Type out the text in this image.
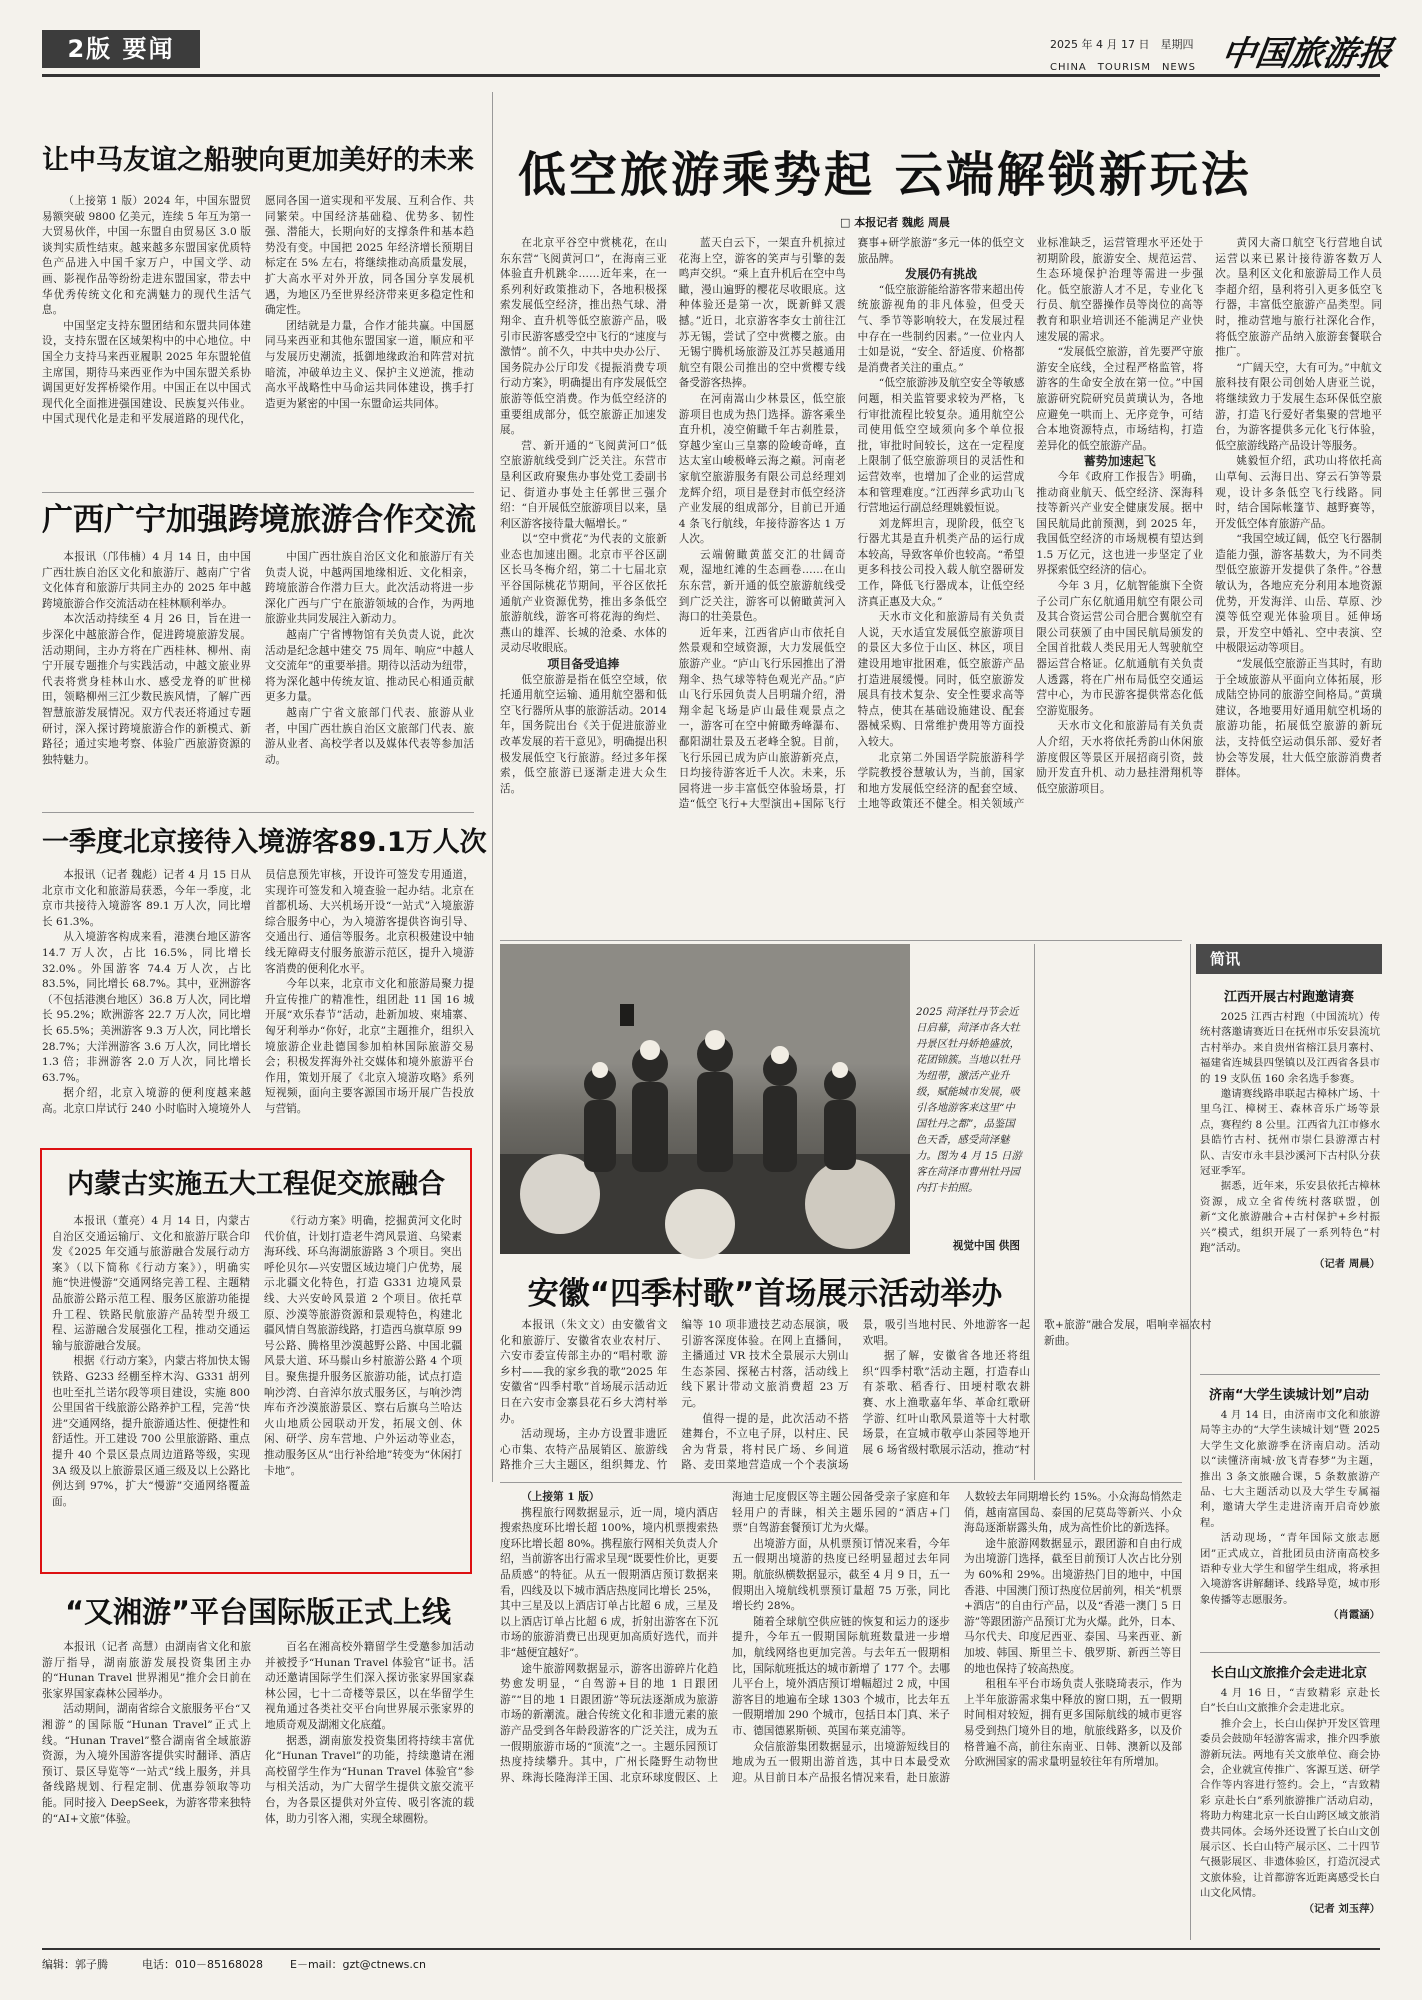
2版 要闻	2025 年 4 月 17 日　星期四
CHINA　TOURISM　NEWS 中国旅游报
让中马友谊之船驶向更加美好的未来

（上接第 1 版）2024 年，中国东盟贸易额突破 9800 亿美元，连续 5 年互为第一大贸易伙伴，中国一东盟自由贸易区 3.0 版谈判实质性结束。越来越多东盟国家优质特色产品进入中国千家万户，中国文学、动画、影视作品等纷纷走进东盟国家，带去中华优秀传统文化和充满魅力的现代生活气息。

中国坚定支持东盟团结和东盟共同体建设，支持东盟在区域架构中的中心地位。中国全力支持马来西亚履职 2025 年东盟轮值主席国，期待马来西亚作为中国东盟关系协调国更好发挥桥梁作用。中国正在以中国式现代化全面推进强国建设、民族复兴伟业。中国式现代化是走和平发展道路的现代化，愿同各国一道实现和平发展、互利合作、共同繁荣。中国经济基础稳、优势多、韧性强、潜能大，长期向好的支撑条件和基本趋势没有变。中国把 2025 年经济增长预期目标定在 5% 左右，将继续推动高质量发展，扩大高水平对外开放，同各国分享发展机遇，为地区乃至世界经济带来更多稳定性和确定性。

团结就是力量，合作才能共赢。中国愿同马来西亚和其他东盟国家一道，顺应和平与发展历史潮流，抵御地缘政治和阵营对抗暗流，冲破单边主义、保护主义逆流，推动高水平战略性中马命运共同体建设，携手打造更为紧密的中国一东盟命运共同体。

低空旅游乘势起 云端解锁新玩法
□ 本报记者 魏彪 周晨

在北京平谷空中赏桃花，在山东东营“飞阅黄河口”，在海南三亚体验直升机跳伞……近年来，在一系列利好政策推动下，各地积极探索发展低空经济，推出热气球、滑翔伞、直升机等低空旅游产品，吸引市民游客感受空中飞行的“速度与激情”。前不久，中共中央办公厅、国务院办公厅印发《提振消费专项行动方案》，明确提出有序发展低空旅游等低空消费。作为低空经济的重要组成部分，低空旅游正加速发展。

营、新开通的“飞阅黄河口”低空旅游航线受到广泛关注。东营市垦利区政府聚焦办事处党工委副书记、街道办事处主任郭世三强介绍：“自开展低空旅游项目以来，垦利区游客接待量大幅增长。”

以“空中赏花”为代表的文旅新业态也加速出圈。北京市平谷区副区长马冬梅介绍，第二十七届北京平谷国际桃花节期间，平谷区依托通航产业资源优势，推出多条低空旅游航线，游客可将花海的绚烂、燕山的雄浑、长城的沧桑、水体的灵动尽收眼底。

项目备受追捧

低空旅游是指在低空空域，依托通用航空运输、通用航空器和低空飞行器所从事的旅游活动。2014 年，国务院出台《关于促进旅游业改革发展的若干意见》，明确提出积极发展低空飞行旅游。经过多年探索，低空旅游已逐渐走进大众生活。

蓝天白云下，一架直升机掠过花海上空，游客的笑声与引擎的轰鸣声交织。“乘上直升机后在空中鸟瞰，漫山遍野的樱花尽收眼底。这种体验还是第一次，既新鲜又震撼。”近日，北京游客李女士前往江苏无锡，尝试了空中赏樱之旅。由无锡宁腾机场旅游及江苏吴越通用航空有限公司推出的空中赏樱专线备受游客热捧。

在河南嵩山少林景区，低空旅游项目也成为热门选择。游客乘坐直升机，凌空俯瞰千年古刹胜景，穿越少室山三皇寨的险峻奇峰，直达太室山峻极峰云海之巅。河南老家航空旅游服务有限公司总经理刘龙辉介绍，项目是登封市低空经济产业发展的组成部分，目前已开通 4 条飞行航线，年接待游客达 1 万人次。

云端俯瞰黄蓝交汇的壮阔奇观，湿地红滩的生态画卷……在山东东营，新开通的低空旅游航线受到广泛关注，游客可以俯瞰黄河入海口的壮美景色。

近年来，江西省庐山市依托自然景观和空域资源，大力发展低空旅游产业。“庐山飞行乐园推出了滑翔伞、热气球等特色观光产品。”庐山飞行乐园负责人吕明瑞介绍，滑翔伞起飞场是庐山最佳观景点之一，游客可在空中俯瞰秀峰瀑布、鄱阳湖壮景及五老峰全貌。目前，飞行乐园已成为庐山旅游新亮点，日均接待游客近千人次。未来，乐园将进一步丰富低空体验场景，打造“低空飞行+大型演出+国际飞行赛事+研学旅游”多元一体的低空文旅品牌。

发展仍有挑战

“低空旅游能给游客带来超出传统旅游视角的非凡体验，但受天气、季节等影响较大，在发展过程中存在一些制约因素。”一位业内人士如是说，“安全、舒适度、价格都是消费者关注的重点。”

“低空旅游涉及航空安全等敏感问题，相关监管要求较为严格，飞行审批流程比较复杂。通用航空公司使用低空空域须向多个单位报批，审批时间较长，这在一定程度上限制了低空旅游项目的灵活性和运营效率，也增加了企业的运营成本和管理难度。”江西萍乡武功山飞行营地运行副总经理姚毅恒说。

刘龙辉坦言，现阶段，低空飞行器尤其是直升机类产品的运行成本较高，导致客单价也较高。“希望更多科技公司投入载人航空器研发工作，降低飞行器成本，让低空经济真正惠及大众。”

天水市文化和旅游局有关负责人说，天水适宜发展低空旅游项目的景区大多位于山区、林区，项目建设用地审批困难，低空旅游产品打造进展缓慢。同时，低空旅游发展具有技术复杂、安全性要求高等特点，使其在基础设施建设、配套器械采购、日常维护费用等方面投入较大。

北京第二外国语学院旅游科学学院教授谷慧敏认为，当前，国家和地方发展低空经济的配套空域、土地等政策还不健全。相关领域产业标准缺乏，运营管理水平还处于初期阶段，旅游安全、规范运营、生态环境保护治理等需进一步强化。低空旅游人才不足，专业化飞行员、航空器操作员等岗位的高等教育和职业培训还不能满足产业快速发展的需求。

“发展低空旅游，首先要严守旅游安全底线，全过程严格监管，将游客的生命安全放在第一位。”中国旅游研究院研究员黄璜认为，各地应避免一哄而上、无序竞争，可结合本地资源特点，市场结构，打造差异化的低空旅游产品。

蓄势加速起飞

今年《政府工作报告》明确，推动商业航天、低空经济、深海科技等新兴产业安全健康发展。据中国民航局此前预测，到 2025 年，我国低空经济的市场规模有望达到 1.5 万亿元，这也进一步坚定了业界探索低空经济的信心。

今年 3 月，亿航智能旗下全资子公司广东亿航通用航空有限公司及其合资运营公司合肥合翼航空有限公司获颁了由中国民航局颁发的全国首批载人类民用无人驾驶航空器运营合格证。亿航通航有关负责人透露，将在广州布局低空交通运营中心，为市民游客提供常态化低空游览服务。

天水市文化和旅游局有关负责人介绍，天水将依托秀韵山休闲旅游度假区等景区开展招商引资，鼓励开发直升机、动力悬挂滑翔机等低空旅游项目。

黄冈大斋口航空飞行营地自试运营以来已累计接待游客数万人次。垦利区文化和旅游局工作人员李超介绍，垦利将引入更多低空飞行器，丰富低空旅游产品类型。同时，推动营地与旅行社深化合作，将低空旅游产品纳入旅游套餐联合推广。

“广阔天空，大有可为。”中航文旅科技有限公司创始人唐亚兰说，将继续致力于发展生态环保低空旅游，打造飞行爱好者集聚的营地平台，为游客提供多元化飞行体验，低空旅游线路产品设计等服务。

姚毅恒介绍，武功山将依托高山草甸、云海日出、穿云石笋等景观，设计多条低空飞行线路。同时，结合国际帐篷节、越野赛等，开发低空体育旅游产品。

“我国空域辽阔，低空飞行器制造能力强，游客基数大，为不同类型低空旅游开发提供了条件。”谷慧敏认为，各地应充分利用本地资源优势，开发海洋、山岳、草原、沙漠等低空观光体验项目。延伸场景，开发空中婚礼、空中表演、空中极限运动等项目。

“发展低空旅游正当其时，有助于全域旅游从平面向立体拓展，形成陆空协同的旅游空间格局。”黄璜建议，各地要用好通用航空机场的旅游功能，拓展低空旅游的新玩法，支持低空运动俱乐部、爱好者协会等发展，壮大低空旅游消费者群体。

广西广宁加强跨境旅游合作交流

本报讯（邝伟楠）4 月 14 日，由中国广西壮族自治区文化和旅游厅、越南广宁省文化体育和旅游厅共同主办的 2025 年中越跨境旅游合作交流活动在桂林顺利举办。

本次活动持续至 4 月 26 日，旨在进一步深化中越旅游合作，促进跨境旅游发展。活动期间，主办方将在广西桂林、柳州、南宁开展专题推介与实践活动，中越文旅业界代表将赏身桂林山水、感受龙脊的旷世梯田，领略柳州三江少数民族风情，了解广西智慧旅游发展情况。双方代表还将通过专题研讨，深入探讨跨境旅游合作的新模式、新路径；通过实地考察、体验广西旅游资源的独特魅力。

中国广西壮族自治区文化和旅游厅有关负责人说，中越两国地缘相近、文化相亲，跨境旅游合作潜力巨大。此次活动将进一步深化广西与广宁在旅游领域的合作，为两地旅游业共同发展注入新动力。

越南广宁省博物馆有关负责人说，此次活动是纪念越中建交 75 周年、响应“中越人文交流年”的重要举措。期待以活动为纽带，将为深化越中传统友谊、推动民心相通贡献更多力量。

越南广宁省文旅部门代表、旅游从业者，中国广西壮族自治区文旅部门代表、旅游从业者、高校学者以及媒体代表等参加活动。

一季度北京接待入境游客89.1万人次

本报讯（记者 魏彪）记者 4 月 15 日从北京市文化和旅游局获悉，今年一季度，北京市共接待入境游客 89.1 万人次，同比增长 61.3%。

从入境游客构成来看，港澳台地区游客 14.7 万人次，占比 16.5%，同比增长 32.0%。外国游客 74.4 万人次，占比 83.5%，同比增长 68.7%。其中，亚洲游客（不包括港澳台地区）36.8 万人次，同比增长 95.2%；欧洲游客 22.7 万人次，同比增长 65.5%；美洲游客 9.3 万人次，同比增长 28.7%；大洋洲游客 3.6 万人次，同比增长 1.3 倍；非洲游客 2.0 万人次，同比增长 63.7%。

据介绍，北京入境游的便利度越来越高。北京口岸试行 240 小时临时入境境外人员信息预先审核，开设许可签发专用通道，实现许可签发和入境查验一起办结。北京在首都机场、大兴机场开设“一站式”入境旅游综合服务中心，为入境游客提供咨询引导、交通出行、通信等服务。北京积极建设中轴线无障碍支付服务旅游示范区，提升入境游客消费的便利化水平。

今年以来，北京市文化和旅游局聚力提升宣传推广的精准性，组团赴 11 国 16 城开展“欢乐春节”活动，赴新加坡、柬埔寨、匈牙利举办“你好，北京”主题推介，组织入境旅游企业赴德国参加柏林国际旅游交易会；积极发挥海外社交媒体和境外旅游平台作用，策划开展了《北京入境游攻略》系列短视频，面向主要客源国市场开展广告投放与营销。

内蒙古实施五大工程促交旅融合

本报讯（董亮）4 月 14 日，内蒙古自治区交通运输厅、文化和旅游厅联合印发《2025 年交通与旅游融合发展行动方案》（以下简称《行动方案》），明确实施“快进慢游”交通网络完善工程、主题精品旅游公路示范工程、服务区旅游功能提升工程、铁路民航旅游产品转型升级工程、运游融合发展强化工程，推动交通运输与旅游融合发展。

根据《行动方案》，内蒙古将加快太锡铁路、G233 经棚至梓木沟、G331 胡列也吐至扎兰诺尔段等项目建设，实施 800 公里国省干线旅游公路养护工程，完善“快进”交通网络，提升旅游通达性、便捷性和舒适性。开工建设 700 公里旅游路、重点提升 40 个景区景点周边道路等级，实现 3A 级及以上旅游景区通三级及以上公路比例达到 97%，扩大“慢游”交通网络覆盖面。

《行动方案》明确，挖掘黄河文化时代价值，计划打造老牛湾风景道、乌梁素海环线、环乌海湖旅游路 3 个项目。突出呼伦贝尔—兴安盟区域边境门户优势，展示北疆文化特色，打造 G331 边境风景线、大兴安岭风景道 2 个项目。依托草原、沙漠等旅游资源和景观特色，构建北疆风情自驾旅游线路，打造西乌旗草原 99 号公路、腾格里沙漠越野公路、中国北疆风景大道、环马鬃山乡村旅游公路 4 个项目。聚焦提升服务区旅游功能，试点打造响沙湾、白音淖尔放式服务区，与响沙湾库布齐沙漠旅游景区、察右后旗乌兰哈达火山地质公园联动开发，拓展文创、休闲、研学、房车营地、户外运动等业态，推动服务区从“出行补给地”转变为“休闲打卡地”。

“又湘游”平台国际版正式上线

本报讯（记者 高慧）由湖南省文化和旅游厅指导，湖南旅游发展投资集团主办的“Hunan Travel 世界湘见”推介会日前在张家界国家森林公园举办。

活动期间，湖南省综合文旅服务平台“又湘游”的国际版“Hunan Travel”正式上线。“Hunan Travel”整合湖南省全域旅游资源，为入境外国游客提供实时翻译、酒店预订、景区导览等“一站式”线上服务，并具备线路规划、行程定制、优惠券领取等功能。同时接入 DeepSeek，为游客带来独特的“AI+文旅”体验。

百名在湘高校外籍留学生受邀参加活动并被授予“Hunan Travel 体验官”证书。活动还邀请国际学生们深入探访张家界国家森林公园，七十二奇楼等景区，以在华留学生视角通过各类社交平台向世界展示张家界的地质奇观及湖湘文化底蕴。

据悉，湖南旅发投资集团将持续丰富优化“Hunan Travel”的功能，持续邀请在湘高校留学生作为“Hunan Travel 体验官”参与相关活动，为广大留学生提供文旅交流平台，为各景区提供对外宣传、吸引客流的载体，助力引客入湘，实现全球圈粉。

2025 菏泽牡丹节会近日启幕，菏泽市各大牡丹景区牡丹娇艳盛放，花团锦簇。当地以牡丹为纽带，激活产业升级，赋能城市发展，吸引各地游客来这里“中国牡丹之都”，品鉴国色天香，感受菏泽魅力。图为 4 月 15 日游客在菏泽市曹州牡丹园内打卡拍照。
视觉中国 供图
安徽“四季村歌”首场展示活动举办

本报讯（朱文文）由安徽省文化和旅游厅、安徽省农业农村厅、六安市委宣传部主办的“唱村歌 游乡村——我的家乡我的歌”2025 年安徽省“四季村歌”首场展示活动近日在六安市金寨县花石乡大湾村举办。

活动现场，主办方设置非遗匠心市集、农特产品展销区、旅游线路推介三大主题区，组织舞龙、竹编等 10 项非遗技艺动态展演，吸引游客深度体验。在网上直播间，主播通过 VR 技术全景展示大别山生态茶园、探秘古村落，活动线上线下累计带动文旅消费超 23 万元。

值得一提的是，此次活动不搭建舞台，不立电子屏，以村庄、民舍为背景，将村民广场、乡间道路、麦田菜地营造成一个个表演场景，吸引当地村民、外地游客一起欢唱。

据了解，安徽省各地还将组织“四季村歌”活动主题，打造春山有茶歌、稻香行、田埂村歌农耕赛、水上渔歌嘉年华、革命红歌研学游、红叶山歌风景道等十大村歌场景，在宣城市敬亭山茶园等地开展 6 场省级村歌展示活动，推动“村歌+旅游”融合发展，唱响幸福农村新曲。

（上接第 1 版）

携程旅行网数据显示，近一周，境内酒店搜索热度环比增长超 100%，境内机票搜索热度环比增长超 80%。携程旅行网相关负责人介绍，当前游客出行需求呈现“既要性价比，更要品质感”的特征。从五一假期酒店预订数据来看，四线及以下城市酒店热度同比增长 25%，其中三星及以上酒店订单占比超 6 成，三星及以上酒店订单占比超 6 成，折射出游客在下沉市场的旅游消费已出现更加高质好选代，而并非“越便宜越好”。

途牛旅游网数据显示，游客出游碎片化趋势愈发明显，“自驾游+目的地 1 日跟团游”“目的地 1 日跟团游”等玩法逐渐成为旅游市场的新潮流。融合传统文化和非遗元素的旅游产品受到各年龄段游客的广泛关注，成为五一假期旅游市场的“顶流”之一。主题乐园预订热度持续攀升。其中，广州长隆野生动物世界、珠海长隆海洋王国、北京环球度假区、上海迪士尼度假区等主题公园备受亲子家庭和年轻用户的青睐，相关主题乐园的“酒店+门票”自驾游套餐预订尤为火爆。

出境游方面，从机票预订情况来看，今年五一假期出境游的热度已经明显超过去年同期。航旅纵横数据显示，截至 4 月 9 日，五一假期出入境航线机票预订量超 75 万张，同比增长约 28%。

随着全球航空供应链的恢复和运力的逐步提升，今年五一假期国际航班数量进一步增加，航线网络也更加完善。与去年五一假期相比，国际航班抵达的城市新增了 177 个。去哪儿平台上，境外酒店预订增幅超过 2 成，中国游客目的地遍布全球 1303 个城市，比去年五一假期增加 290 个城市，包括日本门真、米子市、德国德累斯顿、英国布莱克浦等。

众信旅游集团数据显示，出境游短线目的地成为五一假期出游首选，其中日本最受欢迎。从目前日本产品报名情况来看，赴日旅游人数较去年同期增长约 15%。小众海岛悄然走俏，越南富国岛、泰国的尼莫岛等新兴、小众海岛逐渐崭露头角，成为高性价比的新选择。

途牛旅游网数据显示，跟团游和自由行成为出境游门选择，截至目前预订人次占比分别为 60%和 29%。出境游热门目的地中，中国香港、中国澳门预订热度位居前列，相关“机票+酒店”的自由行产品，以及“香港一澳门 5 日游”等跟团游产品预订尤为火爆。此外，日本、马尔代夫、印度尼西亚、泰国、马来西亚、新加坡、韩国、斯里兰卡、俄罗斯、新西兰等目的地也保持了较高热度。

租租车平台市场负责人张晓琦表示，作为上半年旅游需求集中释放的窗口期，五一假期时间相对较短，拥有更多国际航线的城市更容易受到热门境外目的地，航旅线路多，以及价格普遍不高，前往东南亚、日韩、澳新以及部分欧洲国家的需求量明显较往年有所增加。

简讯
江西开展古村跑邀请赛

2025 江西古村跑（中国流坑）传统村落邀请赛近日在抚州市乐安县流坑古村举办。来自贵州省榕江县月寨村、福建省连城县四堡镇以及江西省各县市的 19 支队伍 160 余名选手参赛。

邀请赛线路串联起古樟林广场、十里乌江、樟树王、森林音乐广场等景点，赛程约 8 公里。江西省九江市修水县皓竹古村、抚州市崇仁县游潭古村队、吉安市永丰县沙溪河下古村队分获冠亚季军。

据悉，近年来，乐安县依托古樟林资源，成立全省传统村落联盟，创新“文化旅游融合+古村保护+乡村振兴”模式，组织开展了一系列特色“村跑”活动。

（记者 周晨）

济南“大学生读城计划”启动

4 月 14 日，由济南市文化和旅游局等主办的“大学生读城计划”暨 2025 大学生文化旅游季在济南启动。活动以“读懂济南城·放飞青春梦”为主题，推出 3 条文旅融合课，5 条数旅游产品、七大主题活动以及大学生专属福利，邀请大学生走进济南开启奇妙旅程。

活动现场，“青年国际文旅志愿团”正式成立，首批团员由济南高校多语种专业大学生和留学生组成，将承担入境游客讲解翻译、线路导览，城市形象传播等志愿服务。

（肖霞涵）

长白山文旅推介会走进北京

4 月 16 日，“吉致精彩 京赴长白”长白山文旅推介会走进北京。

推介会上，长白山保护开发区管理委员会鼓励年轻游客需求，推介四季旅游新玩法。两地有关文旅单位、商会协会，企业就宣传推广、客源互送、研学合作等内容进行签约。会上，“吉致精彩 京赴长白”系列旅游推广活动启动，将助力构建北京一长白山跨区域文旅消费共同体。会场外还设置了长白山文创展示区、长白山特产展示区、二十四节气摄影展区、非遗体验区，打造沉浸式文旅体验，让首都游客近距离感受长白山文化风情。

（记者 刘玉萍）

编辑：郭子腾	电话：010－85168028	E－mail：gzt@ctnews.cn
